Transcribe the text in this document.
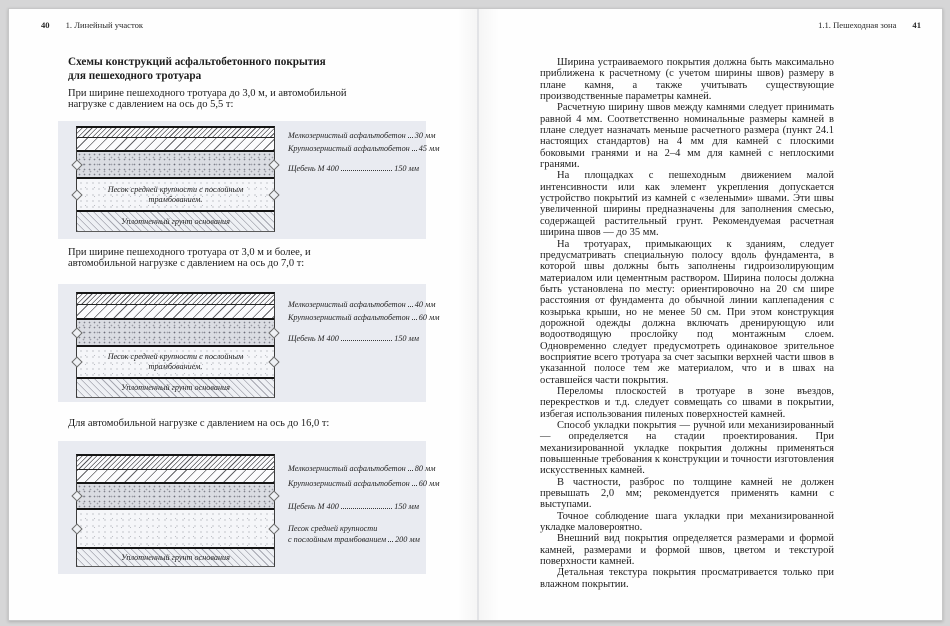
40 1. Линейный участок
Схемы конструкций асфальтобетонного покрытия
для пешеходного тротуара
При ширине пешеходного тротуара до 3,0 м, и автомобильной нагрузке с давлением на ось до 5,5 т:
Песок средней крупности с послойным трамбованием.
Уплотненный грунт основания
Мелкозернистый асфальтобетон 30 мм
Крупнозернистый асфальтобетон 45 мм
Щебень М 400	150 мм
При ширине пешеходного тротуара от 3,0 м и более, и автомобильной нагрузке с давлением на ось до 7,0 т:
Песок средней крупности с послойным трамбованием.
Уплотненный грунт основания
Мелкозернистый асфальтобетон 40 мм
Крупнозернистый асфальтобетон 60 мм
Щебень М 400	150 мм
Для автомобильной нагрузке с давлением на ось до 16,0 т:
Уплотненный грунт основания
Мелкозернистый асфальтобетон 80 мм
Крупнозернистый асфальтобетон 60 мм
Щебень М 400	150 мм
Песок средней крупности
с послойным трамбованием 200 мм
1.1. Пешеходная зона 41

Ширина устраиваемого покрытия должна быть максимально приближена к расчетному (с учетом ширины швов) размеру в плане камня, а также учитывать существующие производственные параметры камней.

Расчетную ширину швов между камнями следует принимать равной 4 мм. Соответственно номинальные размеры камней в плане следует назначать меньше расчетного размера (пункт 24.1 настоящих стандартов) на 4 мм для камней с плоскими боковыми гранями и на 2–4 мм для камней с неплоскими гранями.

На площадках с пешеходным движением малой интенсивности или как элемент укрепления допускается устройство покрытий из камней с «зелеными» швами. Эти швы увеличенной ширины предназначены для заполнения смесью, содержащей растительный грунт. Рекомендуемая расчетная ширина швов — до 35 мм.

На тротуарах, примыкающих к зданиям, следует предусматривать специальную полосу вдоль фундамента, в которой швы должны быть заполнены гидроизолирующим материалом или цементным раствором. Ширина полосы должна быть установлена по месту: ориентировочно на 20 см шире расстояния от фундамента до обычной линии каплепадения с козырька крыши, но не менее 50 см. При этом конструкция дорожной одежды должна включать дренирующую или водоотводящую прослойку под монтажным слоем. Одновременно следует предусмотреть одинаковое зрительное восприятие всего тротуара за счет засыпки верхней части швов в указанной полосе тем же материалом, что и в швах на оставшейся части покрытия.

Переломы плоскостей в тротуаре в зоне въездов, перекрестков и т.д. следует совмещать со швами в покрытии, избегая использования пиленых поверхностей камней.

Способ укладки покрытия — ручной или механизированный — определяется на стадии проектирования. При механизированной укладке покрытия должны применяться повышенные требования к конструкции и точности изготовления искусственных камней.

В частности, разброс по толщине камней не должен превышать 2,0 мм; рекомендуется применять камни с выступами.

Точное соблюдение шага укладки при механизированной укладке маловероятно.

Внешний вид покрытия определяется размерами и формой камней, размерами и формой швов, цветом и текстурой поверхности камней.

Детальная текстура покрытия просматривается только при влажном покрытии.
